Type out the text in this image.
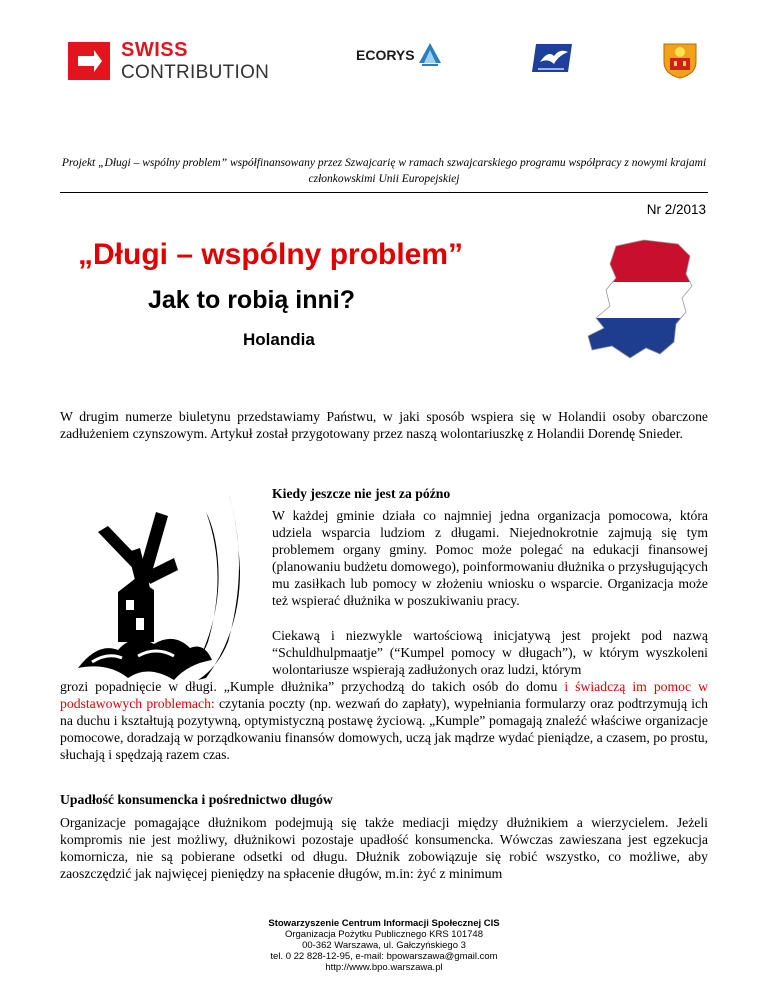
SWISS
CONTRIBUTION
ECORYS
Projekt „Długi – wspólny problem” współfinansowany przez Szwajcarię w ramach szwajcarskiego programu współpracy z nowymi krajami członkowskimi Unii Europejskiej
Nr 2/2013
„Długi – wspólny problem”
Jak to robią inni?
Holandia
W drugim numerze biuletynu przedstawiamy Państwu, w jaki sposób wspiera się w Holandii osoby obarczone zadłużeniem czynszowym. Artykuł został przygotowany przez naszą wolontariuszkę z Holandii Dorendę Snieder.
Kiedy jeszcze nie jest za późno
W każdej gminie działa co najmniej jedna organizacja pomocowa, która udziela wsparcia ludziom z długami. Niejednokrotnie zajmują się tym problemem organy gminy. Pomoc może polegać na edukacji finansowej (planowaniu budżetu domowego), poinformowaniu dłużnika o przysługujących mu zasiłkach lub pomocy w złożeniu wniosku o wsparcie. Organizacja może też wspierać dłużnika w poszukiwaniu pracy.
Ciekawą i niezwykle wartościową inicjatywą jest projekt pod nazwą “Schuldhulpmaatje” (“Kumpel pomocy w długach”), w którym wyszkoleni wolontariusze wspierają zadłużonych oraz ludzi, którym
grozi popadnięcie w długi. „Kumple dłużnika” przychodzą do takich osób do domu i świadczą im pomoc w podstawowych problemach: czytania poczty (np. wezwań do zapłaty), wypełniania formularzy oraz podtrzymują ich na duchu i kształtują pozytywną, optymistyczną postawę życiową. „Kumple” pomagają znaleźć właściwe organizacje pomocowe, doradzają w porządkowaniu finansów domowych, uczą jak mądrze wydać pieniądze, a czasem, po prostu, słuchają i spędzają razem czas.
Upadłość konsumencka i pośrednictwo długów
Organizacje pomagające dłużnikom podejmują się także mediacji między dłużnikiem a wierzycielem. Jeżeli kompromis nie jest możliwy, dłużnikowi pozostaje upadłość konsumencka. Wówczas zawieszana jest egzekucja komornicza, nie są pobierane odsetki od długu. Dłużnik zobowiązuje się robić wszystko, co możliwe, aby zaoszczędzić jak najwięcej pieniędzy na spłacenie długów, m.in: żyć z minimum
Stowarzyszenie Centrum Informacji Społecznej CIS
Organizacja Pożytku Publicznego KRS 101748
00-362 Warszawa, ul. Gałczyńskiego 3
tel. 0 22 828-12-95, e-mail: bpowarszawa@gmail.com
http://www.bpo.warszawa.pl
